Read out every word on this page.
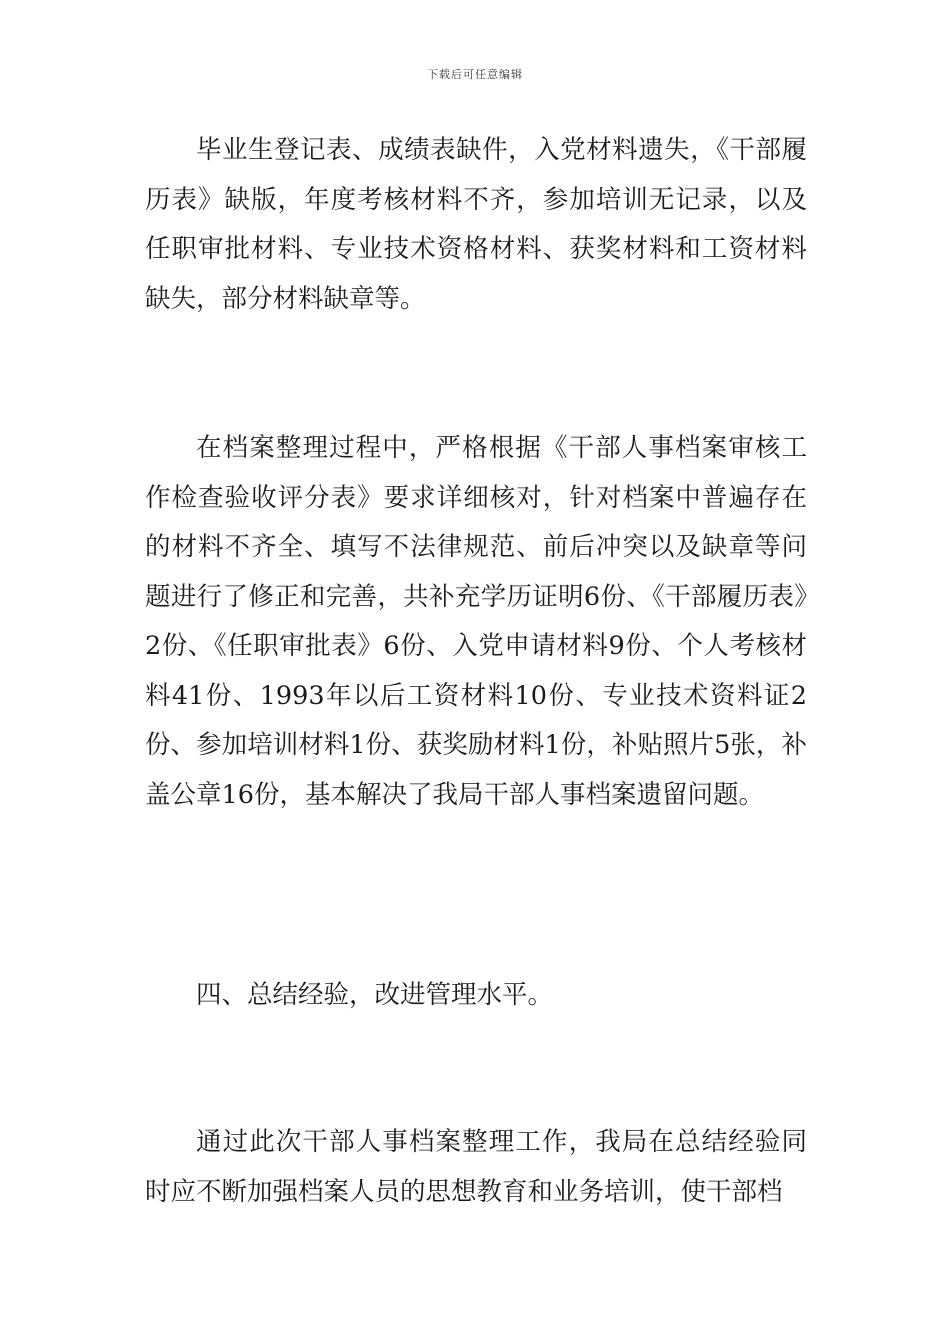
下载后可任意编辑

毕业生登记表、成绩表缺件，入党材料遗失，《干部履历表》缺版，年度考核材料不齐，参加培训无记录，以及任职审批材料、专业技术资格材料、获奖材料和工资材料缺失，部分材料缺章等。

在档案整理过程中，严格根据《干部人事档案审核工作检查验收评分表》要求详细核对，针对档案中普遍存在的材料不齐全、填写不法律规范、前后冲突以及缺章等问题进行了修正和完善，共补充学历证明6份、《干部履历表》2份、《任职审批表》6份、入党申请材料9份、个人考核材料41份、1993年以后工资材料10份、专业技术资料证2份、参加培训材料1份、获奖励材料1份，补贴照片5张，补盖公章16份，基本解决了我局干部人事档案遗留问题。

四、总结经验，改进管理水平。

通过此次干部人事档案整理工作，我局在总结经验同时应不断加强档案人员的思想教育和业务培训，使干部档
